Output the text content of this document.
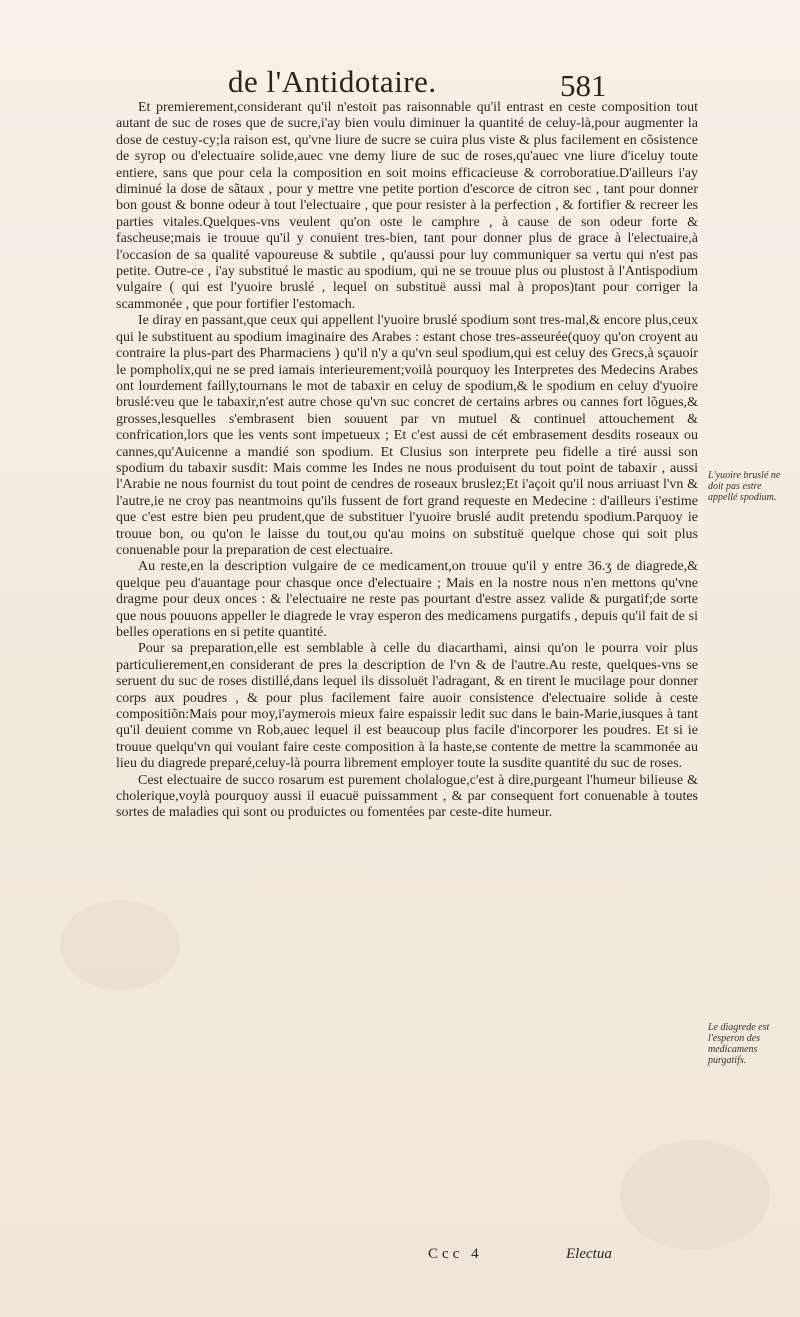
de l'Antidotaire.	581

Et premierement,considerant qu'il n'estoit pas raisonnable qu'il entrast en ceste composition tout autant de suc de roses que de sucre,i'ay bien voulu diminuer la quantité de celuy-là,pour augmenter la dose de cestuy-cy;la raison est, qu'vne liure de sucre se cuira plus viste & plus facilement en cõsistence de syrop ou d'electuaire solide,auec vne demy liure de suc de roses,qu'auec vne liure d'iceluy toute entiere, sans que pour cela la composition en soit moins efficacieuse & corroboratiue.D'ailleurs i'ay diminué la dose de sãtaux , pour y mettre vne petite portion d'escorce de citron sec , tant pour donner bon goust & bonne odeur à tout l'electuaire , que pour resister à la perfection , & fortifier & recreer les parties vitales.Quelques-vns veulent qu'on oste le camphre , à cause de son odeur forte & fascheuse;mais ie trouue qu'il y conuient tres-bien, tant pour donner plus de grace à l'electuaire,à l'occasion de sa qualité vapoureuse & subtile , qu'aussi pour luy communiquer sa vertu qui n'est pas petite. Outre-ce , i'ay substitué le mastic au spodium, qui ne se trouue plus ou plustost à l'Antispodium vulgaire ( qui est l'yuoire bruslé , lequel on substituë aussi mal à propos)tant pour corriger la scammonée , que pour fortifier l'estomach.

Ie diray en passant,que ceux qui appellent l'yuoire bruslé spodium sont tres-mal,& encore plus,ceux qui le substituent au spodium imaginaire des Arabes : estant chose tres-asseurée(quoy qu'on croyent au contraire la plus-part des Pharmaciens ) qu'il n'y a qu'vn seul spodium,qui est celuy des Grecs,à sçauoir le pompholix,qui ne se pred iamais interieurement;voilà pourquoy les Interpretes des Medecins Arabes ont lourdement failly,tournans le mot de tabaxir en celuy de spodium,& le spodium en celuy d'yuoire bruslé:veu que le tabaxir,n'est autre chose qu'vn suc concret de certains arbres ou cannes fort lõgues,& grosses,lesquelles s'embrasent bien souuent par vn mutuel & continuel attouchement & confrication,lors que les vents sont impetueux ; Et c'est aussi de cét embrasement desdits roseaux ou cannes,qu'Auicenne a mandié son spodium. Et Clusius son interprete peu fidelle a tiré aussi son spodium du tabaxir susdit: Mais comme les Indes ne nous produisent du tout point de tabaxir , aussi l'Arabie ne nous fournist du tout point de cendres de roseaux bruslez;Et i'açoit qu'il nous arriuast l'vn & l'autre,ie ne croy pas neantmoins qu'ils fussent de fort grand requeste en Medecine : d'ailleurs i'estime que c'est estre bien peu prudent,que de substituer l'yuoire bruslé audit pretendu spodium.Parquoy ie trouue bon, ou qu'on le laisse du tout,ou qu'au moins on substituë quelque chose qui soit plus conuenable pour la preparation de cest electuaire.

Au reste,en la description vulgaire de ce medicament,on trouue qu'il y entre 36.ʒ de diagrede,& quelque peu d'auantage pour chasque once d'electuaire ; Mais en la nostre nous n'en mettons qu'vne dragme pour deux onces : & l'electuaire ne reste pas pourtant d'estre assez valide & purgatif;de sorte que nous pouuons appeller le diagrede le vray esperon des medicamens purgatifs , depuis qu'il fait de si belles operations en si petite quantité.

Pour sa preparation,elle est semblable à celle du diacarthami, ainsi qu'on le pourra voir plus particulierement,en considerant de pres la description de l'vn & de l'autre.Au reste, quelques-vns se seruent du suc de roses distillé,dans lequel ils dissoluët l'adragant, & en tirent le mucilage pour donner corps aux poudres , & pour plus facilement faire auoir consistence d'electuaire solide à ceste compositiõn:Mais pour moy,i'aymerois mieux faire espaissir ledit suc dans le bain-Marie,iusques à tant qu'il deuient comme vn Rob,auec lequel il est beaucoup plus facile d'incorporer les poudres. Et si ie trouue quelqu'vn qui voulant faire ceste composition à la haste,se contente de mettre la scammonée au lieu du diagrede preparé,celuy-là pourra librement employer toute la susdite quantité du suc de roses.

Cest electuaire de succo rosarum est purement cholalogue,c'est à dire,purgeant l'humeur bilieuse & cholerique,voylà pourquoy aussi il euacuë puissamment , & par consequent fort conuenable à toutes sortes de maladies qui sont ou produictes ou fomentées par ceste-dite humeur.

L'yuoire bruslé ne doit pas estre appellé spodium.
Le diagrede est l'esperon des medicamens purgatifs.
Ccc 4	Electua
